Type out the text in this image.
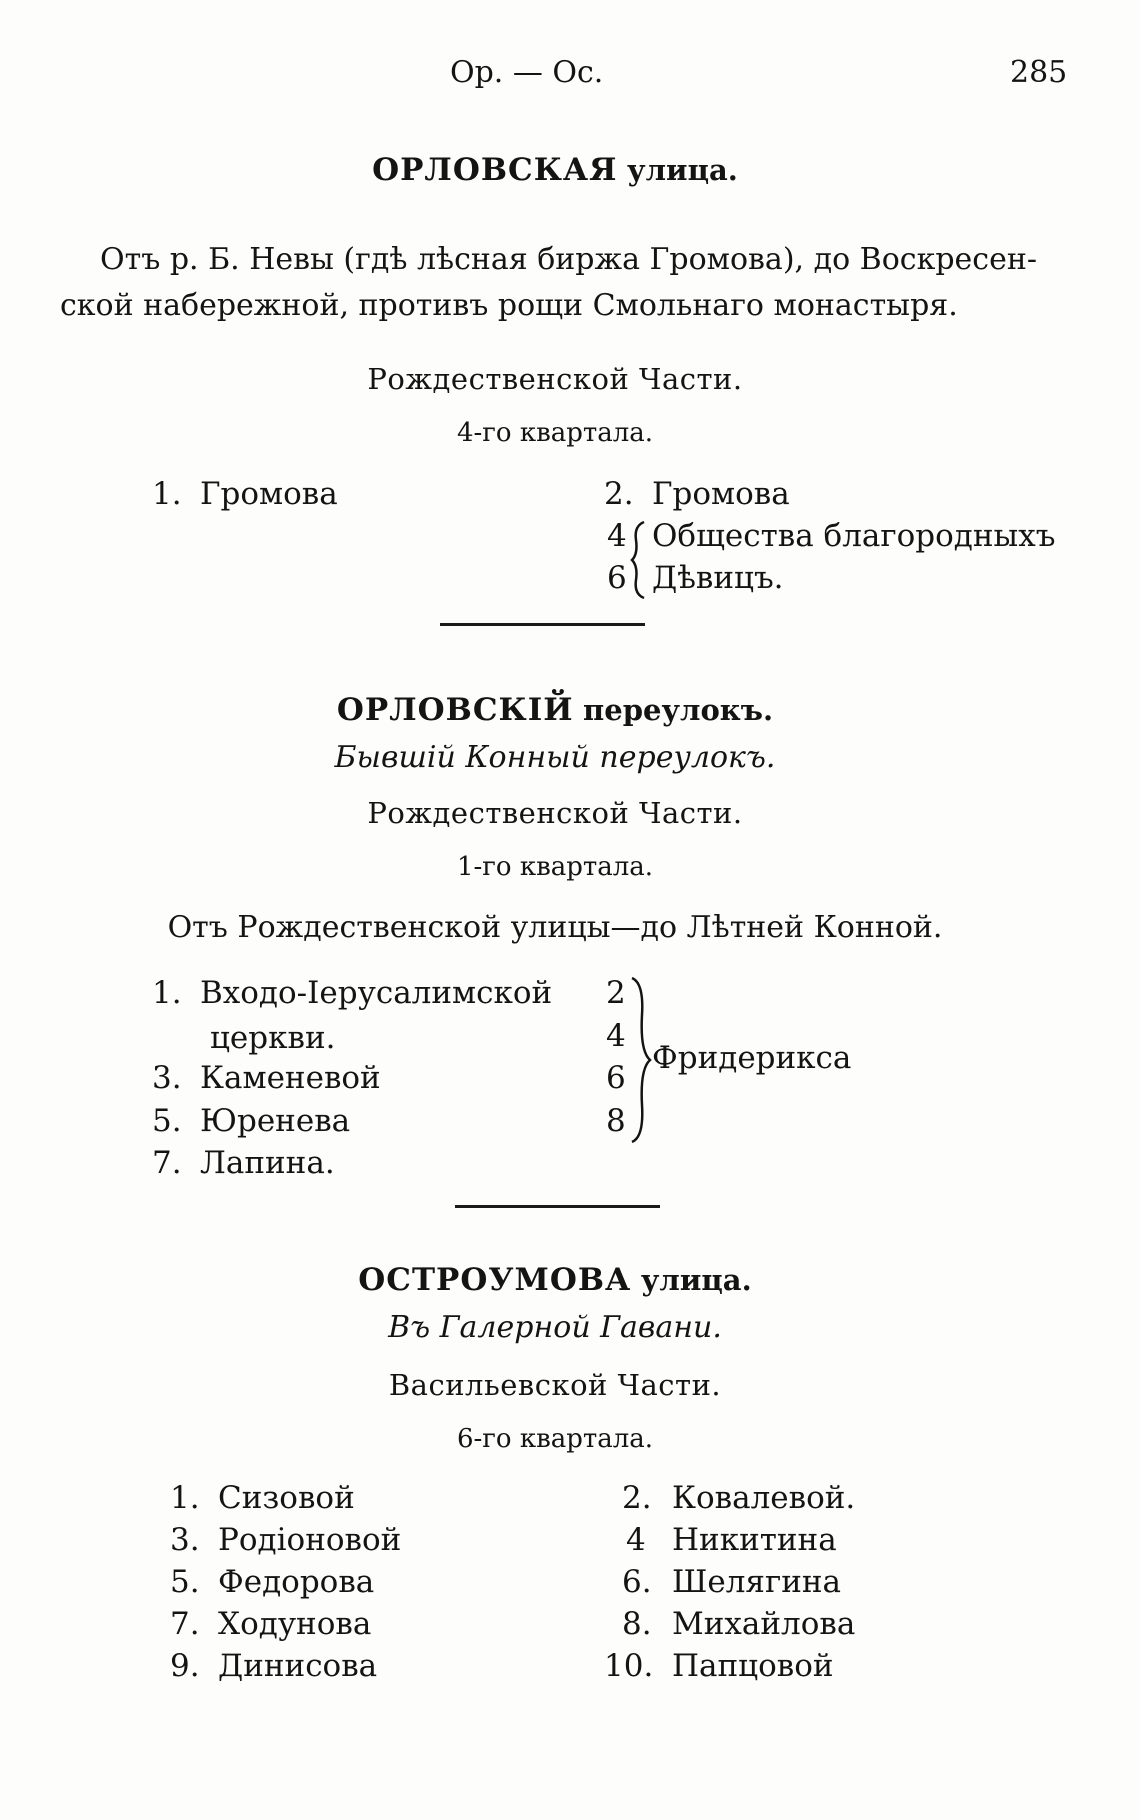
Ор. — Ос.	285
ОРЛОВСКАЯ улица.
Отъ р. Б. Невы (гдѣ лѣсная биржа Громова), до Воскресен-
ской набережной, противъ рощи Смольнаго монастыря.
Рождественской Части.
4-го квартала.
1. Громова	2. Громова
4
6
Общества благородныхъ
Дѣвицъ.
ОРЛОВСКІЙ переулокъ.
Бывшій Конный переулокъ.
Рождественской Части.
1-го квартала.
Отъ Рождественской улицы—до Лѣтней Конной.
1. Входо-Іерусалимской
церкви.
3. Каменевой
5. Юренева
7. Лапина.
2
4
6
8
Фридерикса
ОСТРОУМОВА улица.
Въ Галерной Гавани.
Васильевской Части.
6-го квартала.
1. Сизовой
3. Родіоновой
5. Федорова
7. Ходунова
9. Динисова
2. Ковалевой.
4 Никитина
6. Шелягина
8. Михайлова
10. Папцовой
